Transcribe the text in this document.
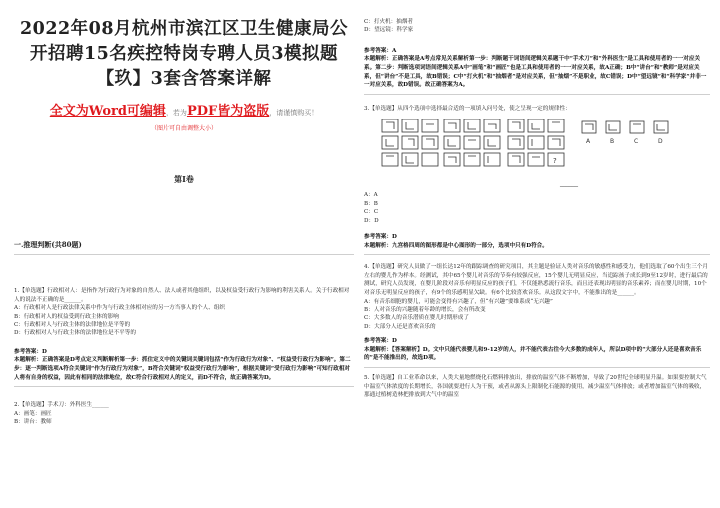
2022年08月杭州市滨江区卫生健康局公开招聘15名疾控特岗专聘人员3模拟题【玖】3套含答案详解
全文为Word可编辑，若为PDF皆为盗版，请谨慎购买！
（图片可自由调整大小）
第I卷
一.推理判断(共80题)
1.【单选题】行政相对人：是指作为行政行为对象的自然人、法人或者其他组织，以及权益受行政行为影响的利害关系人。关于行政相对人的说法不正确的是______。
A：行政相对人是行政法律关系中作为与行政主体相对应的另一方当事人的个人、组织
B：行政相对人的权益受到行政主体的影响
C：行政相对人与行政主体的法律地位是平等的
D：行政相对人与行政主体的法律地位是不平等的
参考答案：D
本题解析：正确答案是D考点定义判断解析第一步：抓住定义中的关键词关键词包括“作为行政行为对象”、“权益受行政行为影响”。第二步：逐一判断选项A符合关键词“作为行政行为对象”，B符合关键词“权益受行政行为影响”，根据关键词“受行政行为影响”可知行政相对人将有自身的权益，因此有相同的法律地位，故C符合行政相对人的定义，而D不符合，故正确答案为D。
2.【单选题】手术刀：外科医生______
A：画笔：画匠
B：讲台：教师
C：打火机：抽烟者
D：望远镜：科学家
参考答案：A
本题解析：正确答案是A考点常见关系解析第一步：判断题干词语间逻辑关系题干中“手术刀”和“外科医生”是工具和使用者的一一对应关系。第二步：判断选项词语间逻辑关系A中“画笔”和“画匠”也是工具和使用者的一一对应关系，故A正确；B中“讲台”和“教师”是对应关系，但“讲台”不是工具，故B错误；C中“打火机”和“抽烟者”是对应关系，但“抽烟”不是职业，故C错误；D中“望远镜”和“科学家”并非一一对应关系，故D错误。故正确答案为A。
3.【单选题】从四个选项中选择最合适的一项填入问号处，使之呈现一定的规律性：
?
A	B	C	D
______
A：A
B：B
C：C
D：D
参考答案：D
本题解析：九宫格四周的图形都是中心图形的一部分，选项中只有D符合。
4.【单选题】研究人员做了一组长达12年的跟踪调查的研究项目，其主题是验证人类对音乐的敏感性和感受力，他们选取了60个出生三个月左右的婴儿作为样本。经测试，其中65个婴儿对音乐的节奏有较强反应，15个婴儿无明显反应，当追踪孩子成长到9至12岁时，进行最后的测试，研究人员发现，在婴儿阶段对音乐有明显反应的孩子们，不仅能熟悉流行音乐，而且还表现出明显的音乐素养；而在婴儿时期，10个对音乐无明显反应的孩子，有9个的乐感明显欠缺。有6个比较喜欢音乐。从这段文字中，不能推出的是______。
A：有音乐细胞的婴儿，可能会变得有兴趣了，但“有兴趣”要维系成“无兴趣”
B：人对音乐的兴趣随着年龄的增长，会有所改变
C：大多数人的音乐潜质在婴儿时期形成了
D：大部分人还是喜欢音乐的
参考答案：D
本题解析：【答案解析】D。文中只能代表婴儿和9-12岁的人，并不能代表古往今大多数的成年人，所以D项中的“大部分人还是喜欢音乐的”是不能推出的，故选D项。
5.【单选题】自工业革命以来，人类大量地燃烧化石燃料排放出，排放的温室气体不断增加，导致了20世纪全球明显升温。如果要控制大气中温室气体浓度的长期增长，各国就要进行人为干预，或者从源头上限制化石能源的使用，减少温室气体排放；或者增加温室气体的吸收，那通过植树造林把排放到大气中的温室
